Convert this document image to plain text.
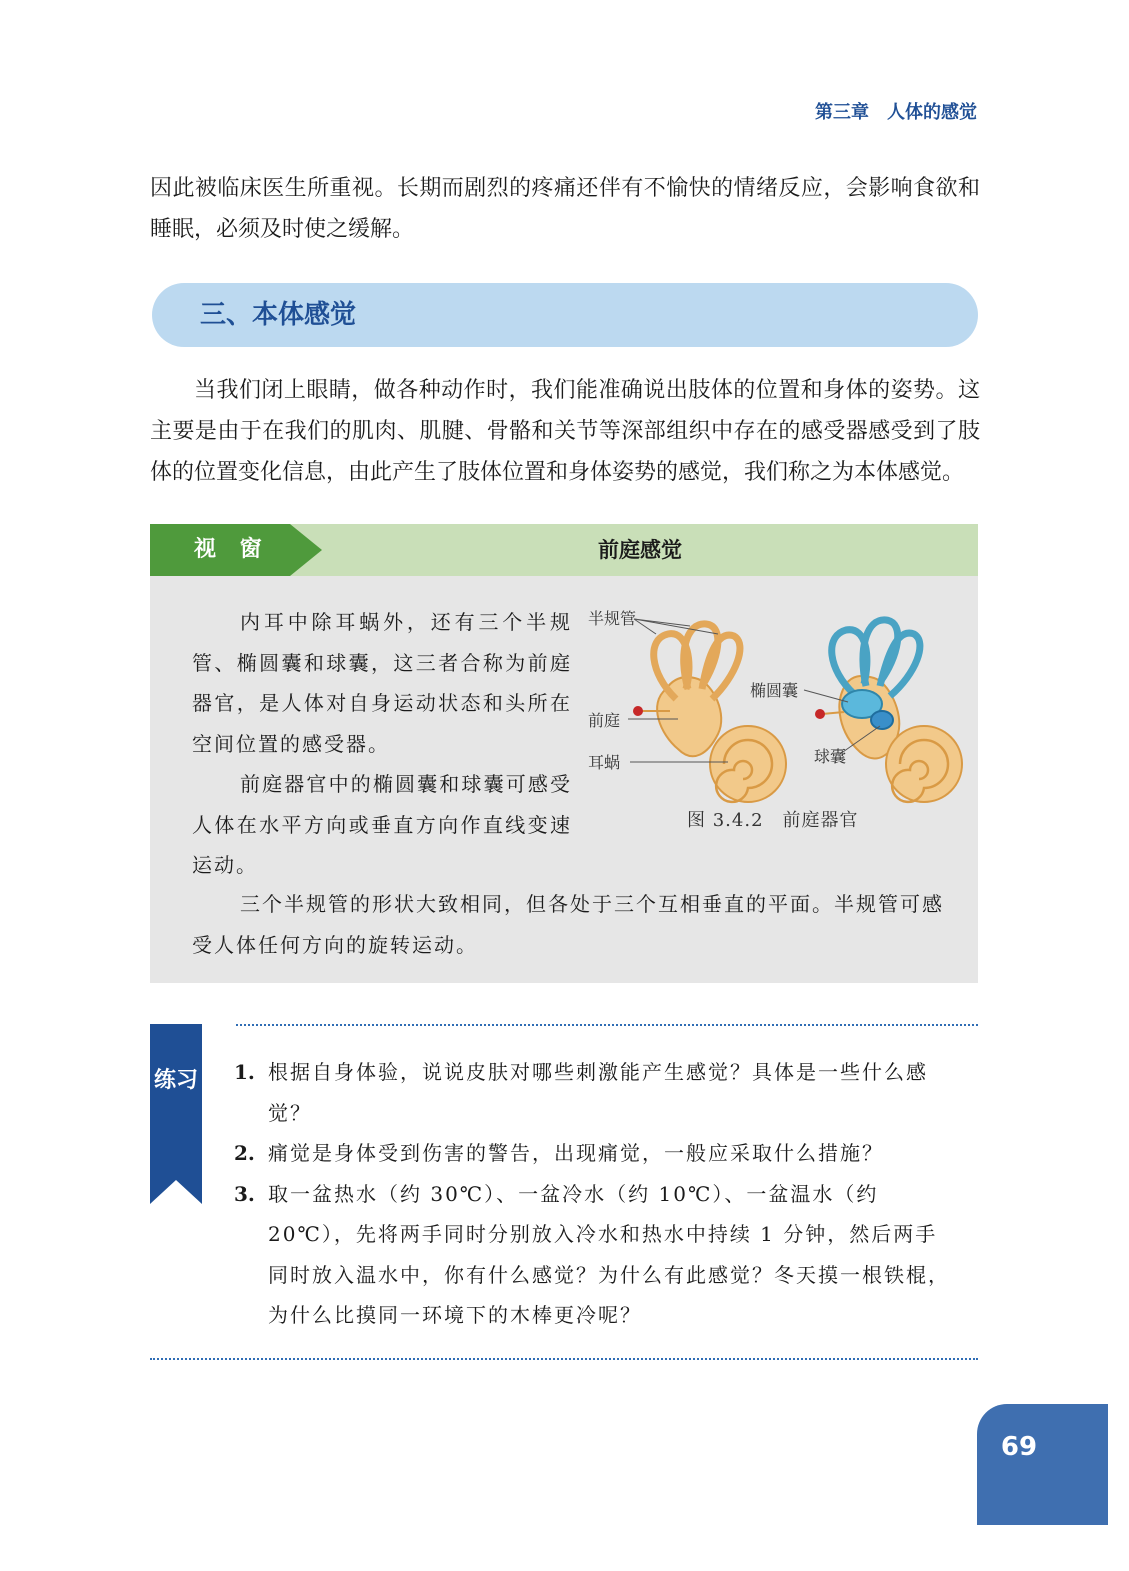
第三章 人体的感觉

因此被临床医生所重视。长期而剧烈的疼痛还伴有不愉快的情绪反应，会影响食欲和睡眠，必须及时使之缓解。

三、本体感觉

当我们闭上眼睛，做各种动作时，我们能准确说出肢体的位置和身体的姿势。这主要是由于在我们的肌肉、肌腱、骨骼和关节等深部组织中存在的感受器感受到了肢体的位置变化信息，由此产生了肢体位置和身体姿势的感觉，我们称之为本体感觉。

视 窗	前庭感觉

内耳中除耳蜗外，还有三个半规管、椭圆囊和球囊，这三者合称为前庭器官，是人体对自身运动状态和头所在空间位置的感受器。

前庭器官中的椭圆囊和球囊可感受人体在水平方向或垂直方向作直线变速运动。

三个半规管的形状大致相同，但各处于三个互相垂直的平面。半规管可感受人体任何方向的旋转运动。

半规管
前庭
耳蜗
椭圆囊
球囊
图 3.4.2　前庭器官
练习 1. 根据自身体验，说说皮肤对哪些刺激能产生感觉？具体是一些什么感觉？
2. 痛觉是身体受到伤害的警告，出现痛觉，一般应采取什么措施？
3. 取一盆热水（约 30℃）、一盆冷水（约 10℃）、一盆温水（约 20℃），先将两手同时分别放入冷水和热水中持续 1 分钟，然后两手同时放入温水中，你有什么感觉？为什么有此感觉？冬天摸一根铁棍，为什么比摸同一环境下的木棒更冷呢？
69
